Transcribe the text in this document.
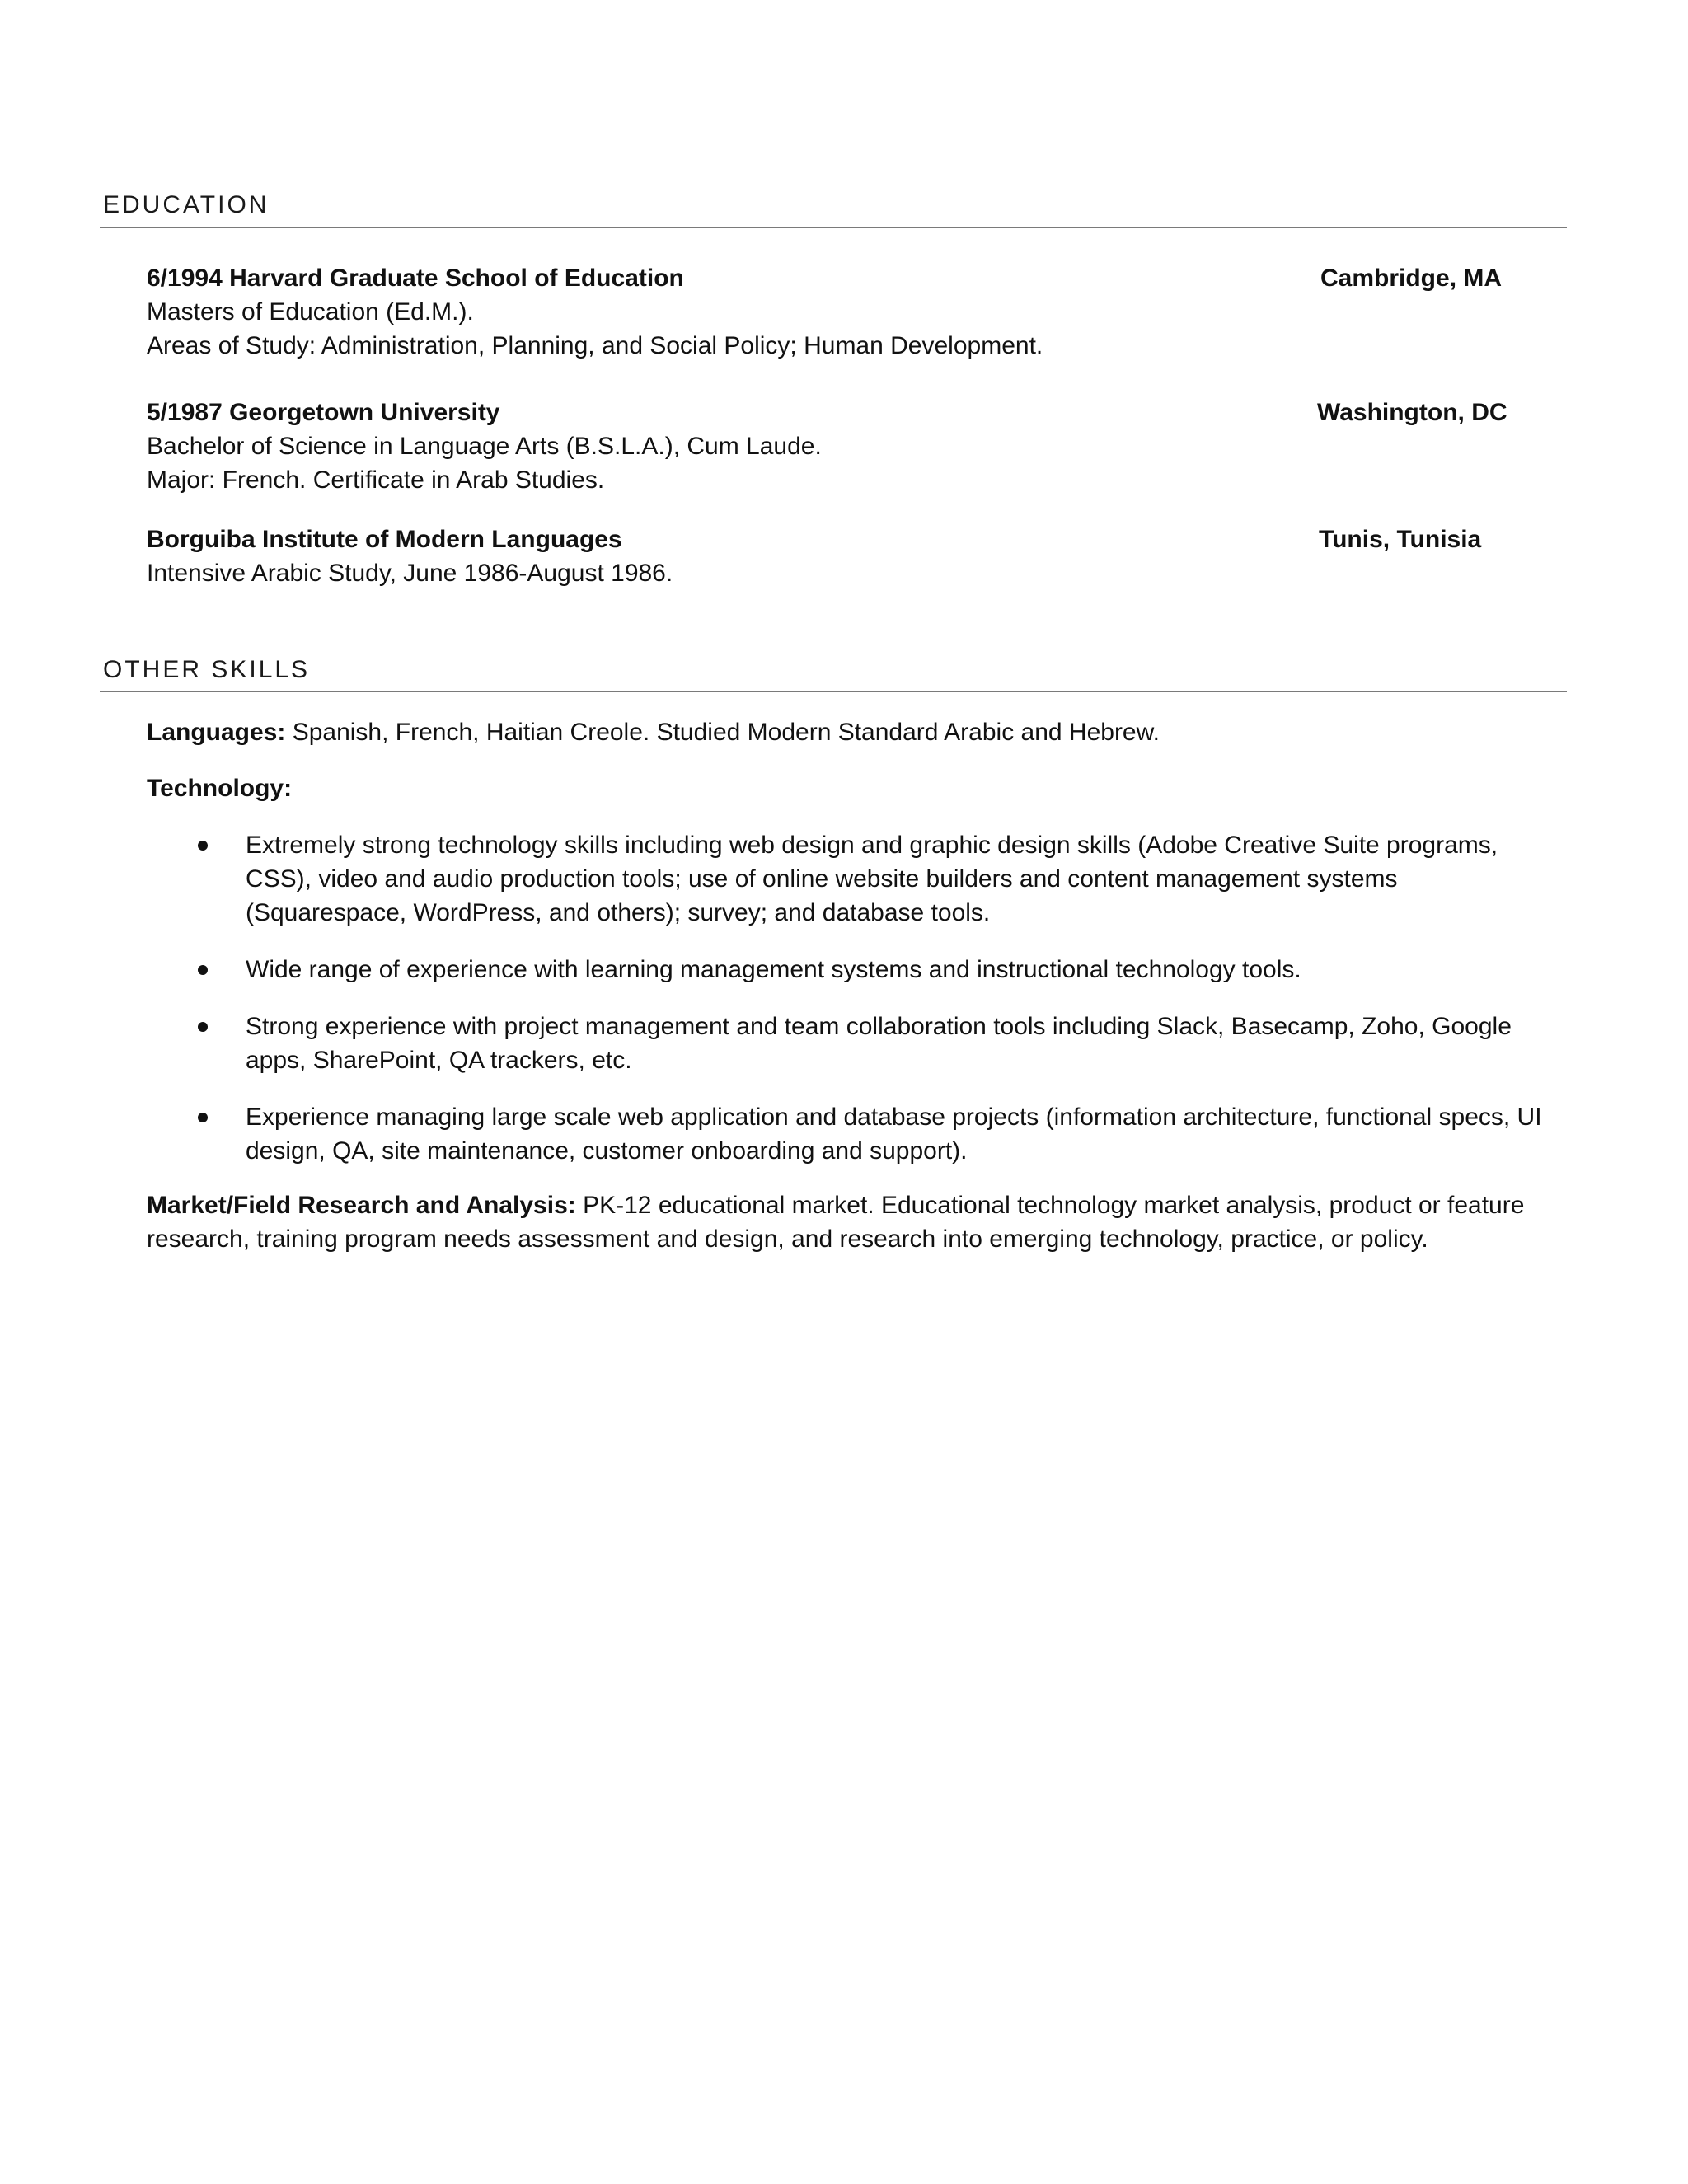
EDUCATION
6/1994 Harvard Graduate School of Education	Cambridge, MA
Masters of Education (Ed.M.).
Areas of Study: Administration, Planning, and Social Policy; Human Development.
5/1987 Georgetown University	Washington, DC
Bachelor of Science in Language Arts (B.S.L.A.), Cum Laude.
Major: French. Certificate in Arab Studies.
Borguiba Institute of Modern Languages	Tunis, Tunisia
Intensive Arabic Study, June 1986-August 1986.
OTHER SKILLS
Languages: Spanish, French, Haitian Creole. Studied Modern Standard Arabic and Hebrew.
Technology:
Extremely strong technology skills including web design and graphic design skills (Adobe Creative Suite programs, CSS), video and audio production tools; use of online website builders and content management systems (Squarespace, WordPress, and others); survey; and database tools.
Wide range of experience with learning management systems and instructional technology tools.
Strong experience with project management and team collaboration tools including Slack, Basecamp, Zoho, Google apps, SharePoint, QA trackers, etc.
Experience managing large scale web application and database projects (information architecture, functional specs, UI design, QA, site maintenance, customer onboarding and support).
Market/Field Research and Analysis: PK-12 educational market. Educational technology market analysis, product or feature research, training program needs assessment and design, and research into emerging technology, practice, or policy.
